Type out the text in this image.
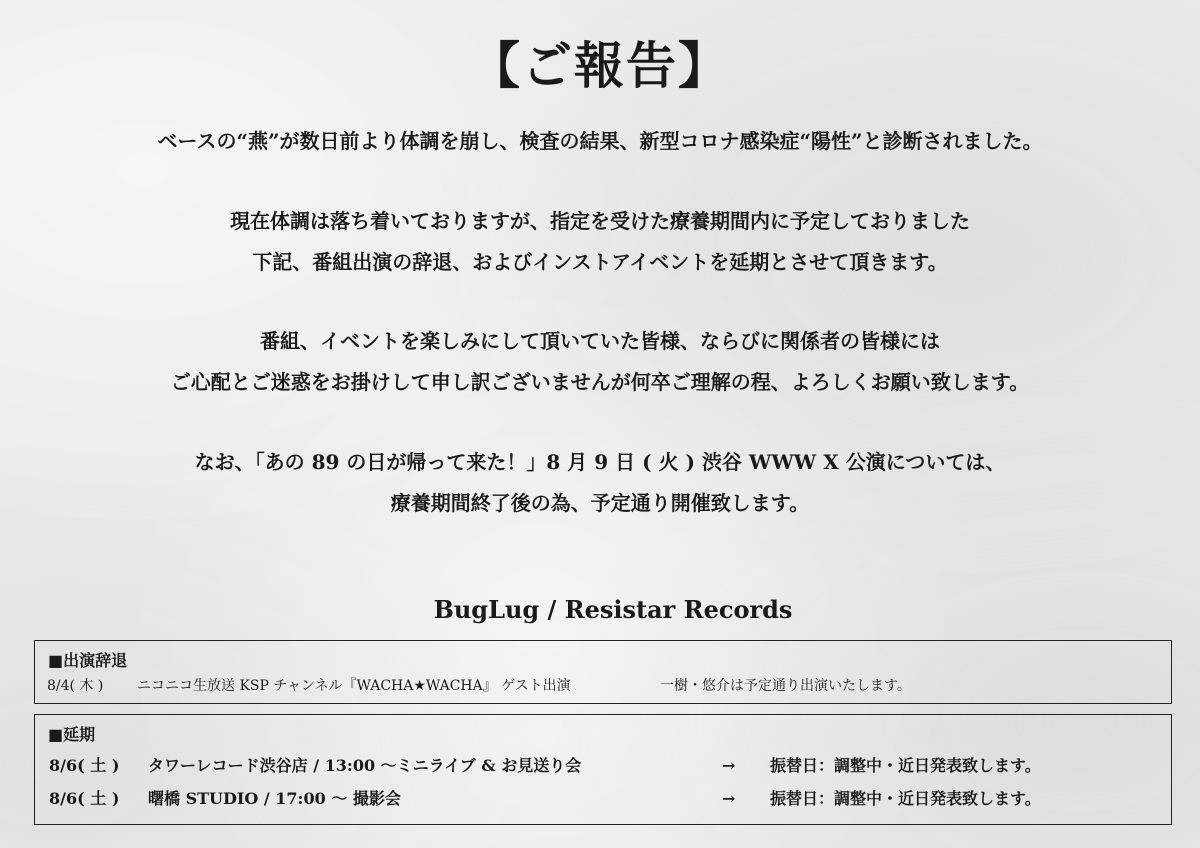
【ご報告】
ベースの“燕”が数日前より体調を崩し、検査の結果、新型コロナ感染症“陽性”と診断されました。
現在体調は落ち着いておりますが、指定を受けた療養期間内に予定しておりました
下記、番組出演の辞退、およびインストアイベントを延期とさせて頂きます。
番組、イベントを楽しみにして頂いていた皆様、ならびに関係者の皆様には
ご心配とご迷惑をお掛けして申し訳ございませんが何卒ご理解の程、よろしくお願い致します。
なお、「あの 89 の日が帰って来た！」8 月 9 日 ( 火 ) 渋谷 WWW X 公演については、
療養期間終了後の為、予定通り開催致します。
BugLug / Resistar Records
■出演辞退
8/4( 木 ) ニコニコ生放送 KSP チャンネル『WACHA★WACHA』 ゲスト出演	一樹・悠介は予定通り出演いたします。
■延期
8/6( 土 ) タワーレコード渋谷店 / 13:00 〜ミニライブ & お見送り会	→ 振替日：調整中・近日発表致します。
8/6( 土 ) 曙橋 STUDIO / 17:00 〜 撮影会	→ 振替日：調整中・近日発表致します。
